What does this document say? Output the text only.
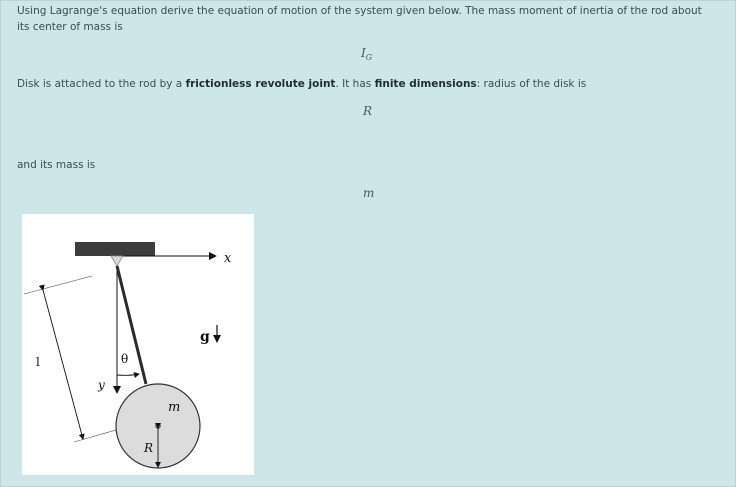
Using Lagrange's equation derive the equation of motion of the system given below. The mass moment of inertia of the rod about its center of mass is

$I_G$

Disk is attached to the rod by a frictionless revolute joint. It has finite dimensions: radius of the disk is

R

and its mass is

m
x
y
θ
g
l
m
R
